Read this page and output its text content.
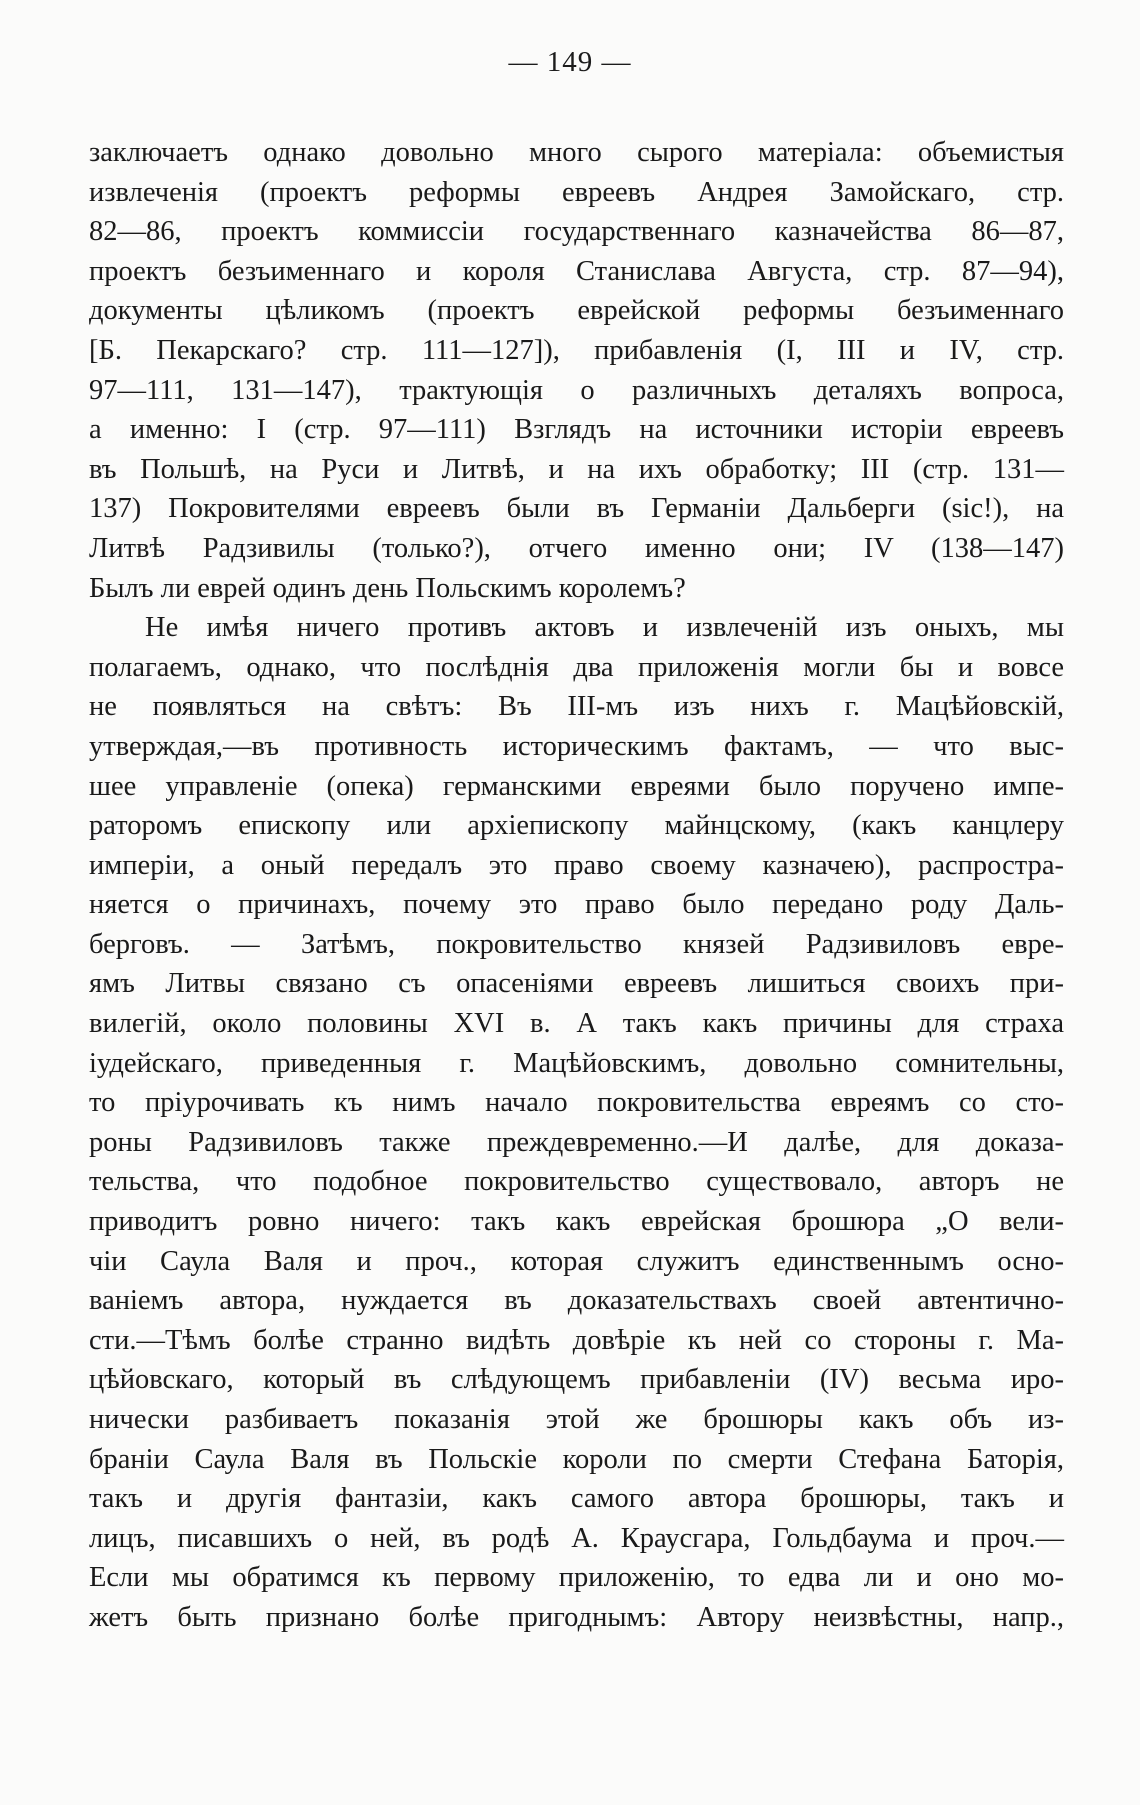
— 149 —
заключаетъ однако довольно много сырого матеріала: объемистыя
извлеченія (проектъ реформы евреевъ Андрея Замойскаго, стр.
82—86, проектъ коммиссіи государственнаго казначейства 86—87,
проектъ безъименнаго и короля Станислава Августа, стр. 87—94),
документы цѣликомъ (проектъ еврейской реформы безъименнаго
[Б. Пекарскаго? стр. 111—127]), прибавленія (I, III и IV, стр.
97—111, 131—147), трактующія о различныхъ деталяхъ вопроса,
а именно: I (стр. 97—111) Взглядъ на источники исторіи евреевъ
въ Польшѣ, на Руси и Литвѣ, и на ихъ обработку; III (стр. 131—
137) Покровителями евреевъ были въ Германіи Дальберги (sic!), на
Литвѣ Радзивилы (только?), отчего именно они; IV (138—147)
Былъ ли еврей одинъ день Польскимъ королемъ?
Не имѣя ничего противъ актовъ и извлеченій изъ оныхъ, мы
полагаемъ, однако, что послѣднія два приложенія могли бы и вовсе
не появляться на свѣтъ: Въ III-мъ изъ нихъ г. Мацѣйовскій,
утверждая,—въ противность историческимъ фактамъ, — что выс-
шее управленіе (опека) германскими евреями было поручено импе-
раторомъ епископу или архіепископу майнцскому, (какъ канцлеру
имперіи, а оный передалъ это право своему казначею), распростра-
няется о причинахъ, почему это право было передано роду Даль-
берговъ. — Затѣмъ, покровительство князей Радзивиловъ евре-
ямъ Литвы связано съ опасеніями евреевъ лишиться своихъ при-
вилегій, около половины XVI в. А такъ какъ причины для страха
іудейскаго, приведенныя г. Мацѣйовскимъ, довольно сомнительны,
то пріурочивать къ нимъ начало покровительства евреямъ со сто-
роны Радзивиловъ также преждевременно.—И далѣе, для доказа-
тельства, что подобное покровительство существовало, авторъ не
приводитъ ровно ничего: такъ какъ еврейская брошюра „О вели-
чіи Саула Валя и проч., которая служитъ единственнымъ осно-
ваніемъ автора, нуждается въ доказательствахъ своей автентично-
сти.—Тѣмъ болѣе странно видѣть довѣріе къ ней со стороны г. Ма-
цѣйовскаго, который въ слѣдующемъ прибавленіи (IV) весьма иро-
нически разбиваетъ показанія этой же брошюры какъ объ из-
браніи Саула Валя въ Польскіе короли по смерти Стефана Баторія,
такъ и другія фантазіи, какъ самого автора брошюры, такъ и
лицъ, писавшихъ о ней, въ родѣ А. Краусгара, Гольдбаума и проч.—
Если мы обратимся къ первому приложенію, то едва ли и оно мо-
жетъ быть признано болѣе пригоднымъ: Автору неизвѣстны, напр.,
